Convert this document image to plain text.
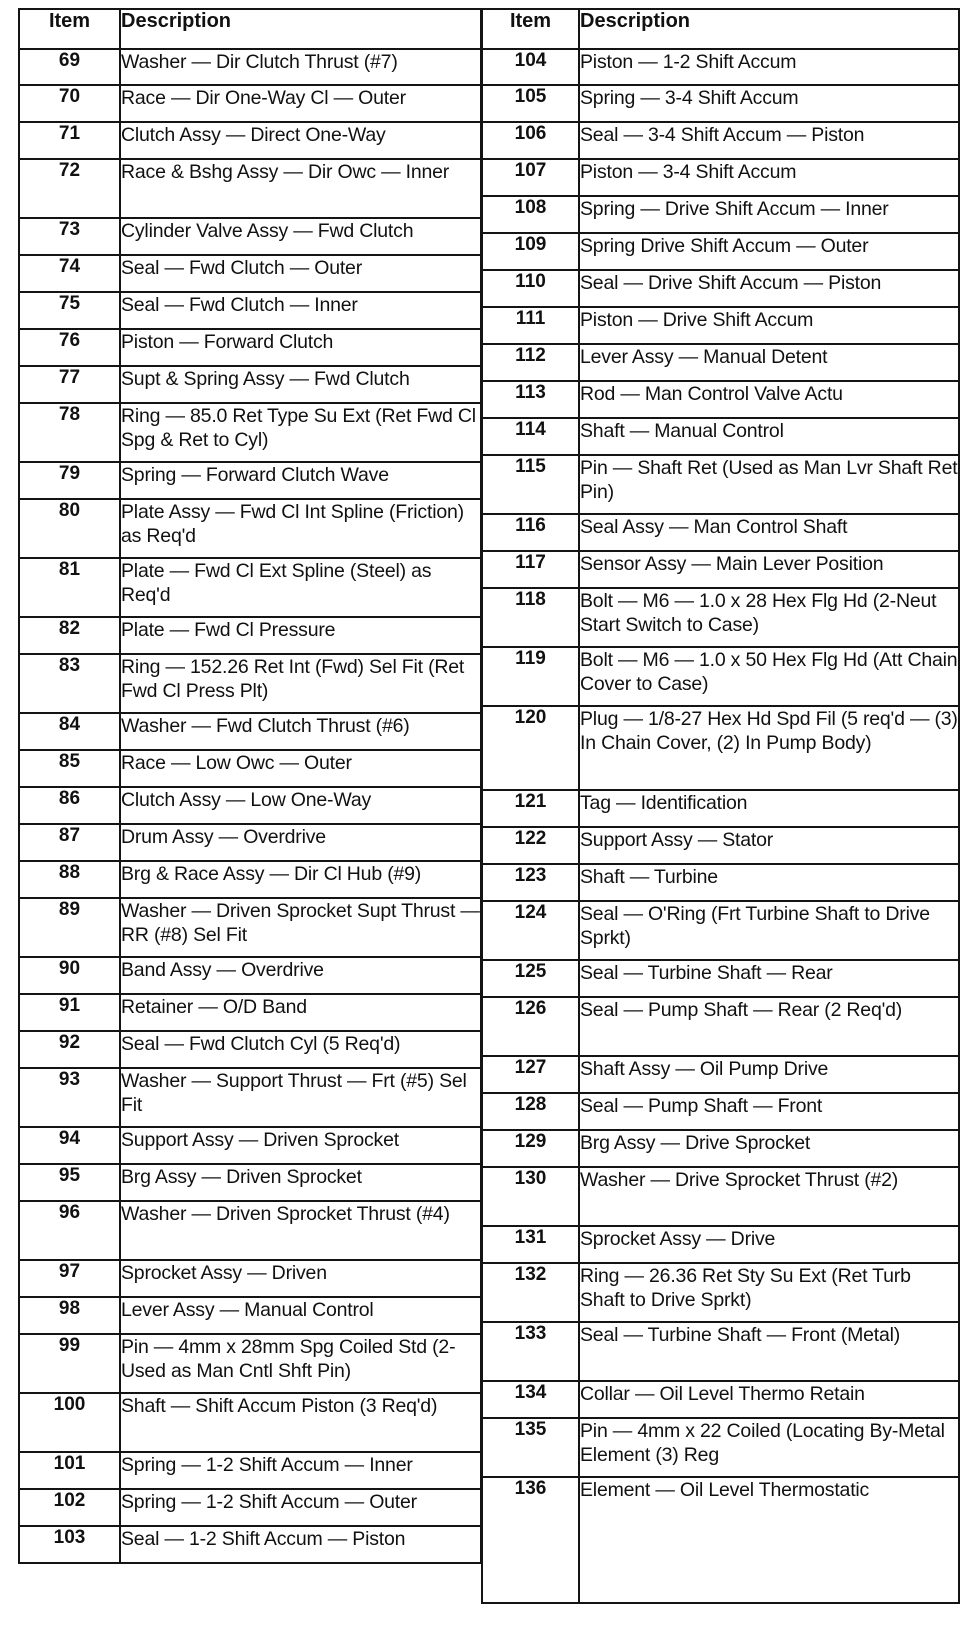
Item	Description
69	Washer — Dir Clutch Thrust (#7)
70	Race — Dir One-Way Cl — Outer
71	Clutch Assy — Direct One-Way
72	Race & Bshg Assy — Dir Owc — Inner
73	Cylinder Valve Assy — Fwd Clutch
74	Seal — Fwd Clutch — Outer
75	Seal — Fwd Clutch — Inner
76	Piston — Forward Clutch
77	Supt & Spring Assy — Fwd Clutch
78	Ring — 85.0 Ret Type Su Ext (Ret Fwd Cl Spg & Ret to Cyl)
79	Spring — Forward Clutch Wave
80	Plate Assy — Fwd Cl Int Spline (Friction) as Req'd
81	Plate — Fwd Cl Ext Spline (Steel) as Req'd
82	Plate — Fwd Cl Pressure
83	Ring — 152.26 Ret Int (Fwd) Sel Fit (Ret Fwd Cl Press Plt)
84	Washer — Fwd Clutch Thrust (#6)
85	Race — Low Owc — Outer
86	Clutch Assy — Low One-Way
87	Drum Assy — Overdrive
88	Brg & Race Assy — Dir Cl Hub (#9)
89	Washer — Driven Sprocket Supt Thrust — RR (#8) Sel Fit
90	Band Assy — Overdrive
91	Retainer — O/D Band
92	Seal — Fwd Clutch Cyl (5 Req'd)
93	Washer — Support Thrust — Frt (#5) Sel Fit
94	Support Assy — Driven Sprocket
95	Brg Assy — Driven Sprocket
96	Washer — Driven Sprocket Thrust (#4)
97	Sprocket Assy — Driven
98	Lever Assy — Manual Control
99	Pin — 4mm x 28mm Spg Coiled Std (2-Used as Man Cntl Shft Pin)
100	Shaft — Shift Accum Piston (3 Req'd)
101	Spring — 1-2 Shift Accum — Inner
102	Spring — 1-2 Shift Accum — Outer
103	Seal — 1-2 Shift Accum — Piston
Item	Description
104	Piston — 1-2 Shift Accum
105	Spring — 3-4 Shift Accum
106	Seal — 3-4 Shift Accum — Piston
107	Piston — 3-4 Shift Accum
108	Spring — Drive Shift Accum — Inner
109	Spring Drive Shift Accum — Outer
110	Seal — Drive Shift Accum — Piston
111	Piston — Drive Shift Accum
112	Lever Assy — Manual Detent
113	Rod — Man Control Valve Actu
114	Shaft — Manual Control
115	Pin — Shaft Ret (Used as Man Lvr Shaft Ret Pin)
116	Seal Assy — Man Control Shaft
117	Sensor Assy — Main Lever Position
118	Bolt — M6 — 1.0 x 28 Hex Flg Hd (2-Neut Start Switch to Case)
119	Bolt — M6 — 1.0 x 50 Hex Flg Hd (Att Chain Cover to Case)
120	Plug — 1/8-27 Hex Hd Spd Fil (5 req'd — (3) In Chain Cover, (2) In Pump Body)
121	Tag — Identification
122	Support Assy — Stator
123	Shaft — Turbine
124	Seal — O'Ring (Frt Turbine Shaft to Drive Sprkt)
125	Seal — Turbine Shaft — Rear
126	Seal — Pump Shaft — Rear (2 Req'd)
127	Shaft Assy — Oil Pump Drive
128	Seal — Pump Shaft — Front
129	Brg Assy — Drive Sprocket
130	Washer — Drive Sprocket Thrust (#2)
131	Sprocket Assy — Drive
132	Ring — 26.36 Ret Sty Su Ext (Ret Turb Shaft to Drive Sprkt)
133	Seal — Turbine Shaft — Front (Metal)
134	Collar — Oil Level Thermo Retain
135	Pin — 4mm x 22 Coiled (Locating By-Metal Element (3) Reg
136	Element — Oil Level Thermostatic
